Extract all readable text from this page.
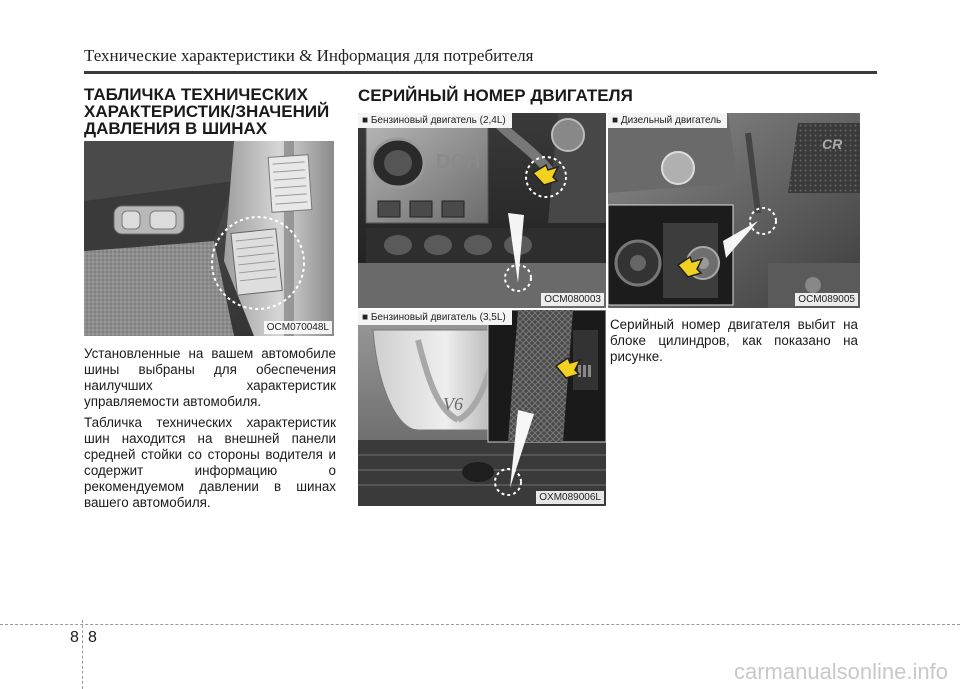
Технические характеристики & Информация для потребителя
ТАБЛИЧКА ТЕХНИЧЕСКИХ ХАРАКТЕРИСТИК/ЗНАЧЕНИЙ ДАВЛЕНИЯ В ШИНАХ
OCM070048L

Установленные на вашем автомобиле шины выбраны для обеспечения наилучших характеристик управляемости автомобиля.

Табличка технических характеристик шин находится на внешней панели средней стойки со стороны водителя и содержит информацию о рекомендуемом давлении в шинах вашего автомобиля.

СЕРИЙНЫЙ НОМЕР ДВИГАТЕЛЯ
DOH
■ Бензиновый двигатель (2,4L)
OCM080003
V6
■ Бензиновый двигатель (3,5L)
OXM089006L
CR
■ Дизельный двигатель
OCM089005
Серийный номер двигателя выбит на блоке цилиндров, как показано на рисунке.
8 8
carmanualsonline.info
